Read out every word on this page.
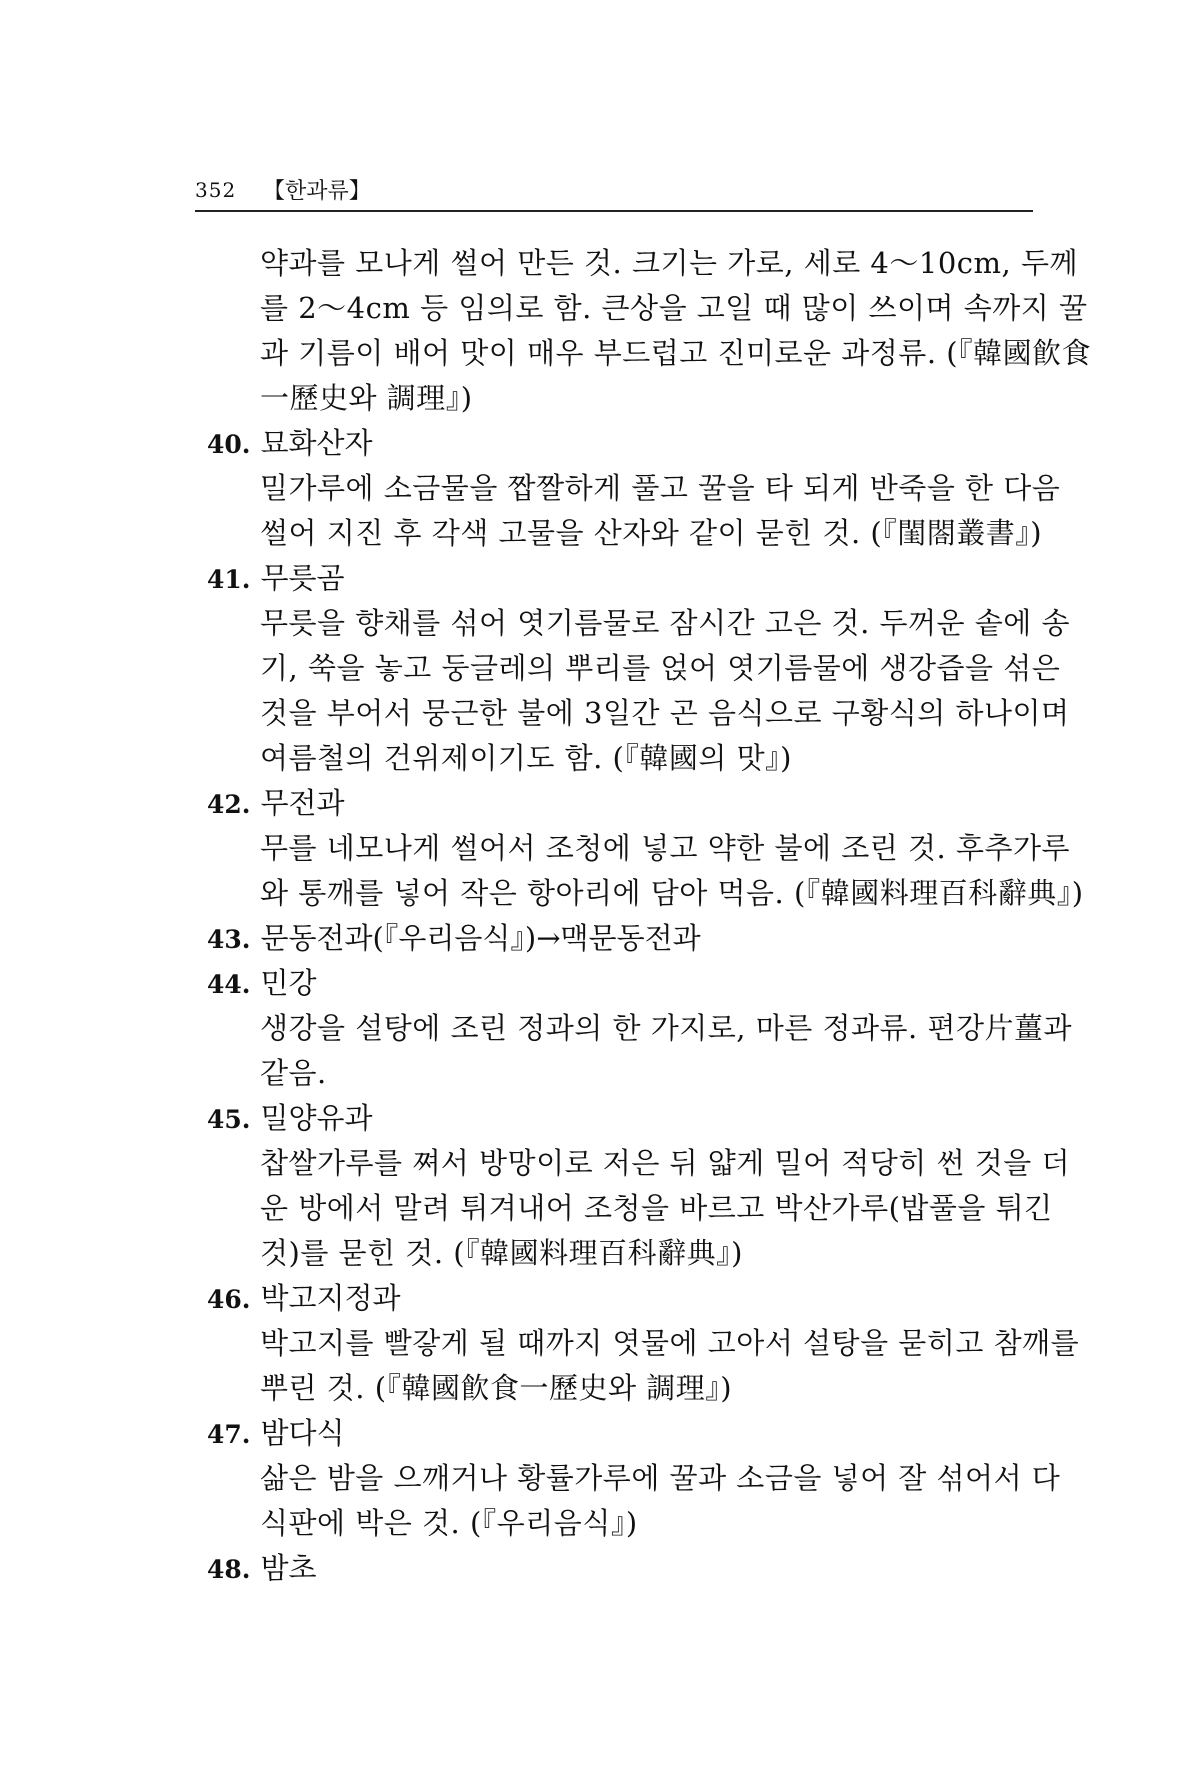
352 【한과류】
약과를 모나게 썰어 만든 것. 크기는 가로, 세로 4～10cm, 두께
를 2～4cm 등 임의로 함. 큰상을 고일 때 많이 쓰이며 속까지 꿀
과 기름이 배어 맛이 매우 부드럽고 진미로운 과정류. (『韓國飮食
一歷史와 調理』)
40. 묘화산자
밀가루에 소금물을 짭짤하게 풀고 꿀을 타 되게 반죽을 한 다음
썰어 지진 후 각색 고물을 산자와 같이 묻힌 것. (『閨閤叢書』)
41. 무릇곰
무릇을 향채를 섞어 엿기름물로 잠시간 고은 것. 두꺼운 솥에 송
기, 쑥을 놓고 둥글레의 뿌리를 얹어 엿기름물에 생강즙을 섞은
것을 부어서 뭉근한 불에 3일간 곤 음식으로 구황식의 하나이며
여름철의 건위제이기도 함. (『韓國의 맛』)
42. 무전과
무를 네모나게 썰어서 조청에 넣고 약한 불에 조린 것. 후추가루
와 통깨를 넣어 작은 항아리에 담아 먹음. (『韓國料理百科辭典』)
43. 문동전과(『우리음식』)→맥문동전과
44. 민강
생강을 설탕에 조린 정과의 한 가지로, 마른 정과류. 편강片薑과
같음.
45. 밀양유과
찹쌀가루를 쪄서 방망이로 저은 뒤 얇게 밀어 적당히 썬 것을 더
운 방에서 말려 튀겨내어 조청을 바르고 박산가루(밥풀을 튀긴
것)를 묻힌 것. (『韓國料理百科辭典』)
46. 박고지정과
박고지를 빨갛게 될 때까지 엿물에 고아서 설탕을 묻히고 참깨를
뿌린 것. (『韓國飮食一歷史와 調理』)
47. 밤다식
삶은 밤을 으깨거나 황률가루에 꿀과 소금을 넣어 잘 섞어서 다
식판에 박은 것. (『우리음식』)
48. 밤초
